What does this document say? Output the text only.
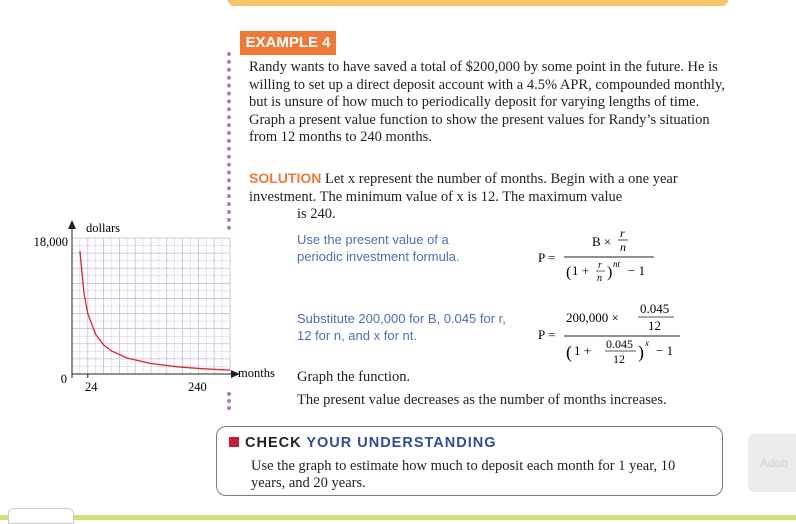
EXAMPLE 4
Randy wants to have saved a total of $200,000 by some point in the future. He is willing to set up a direct deposit account with a 4.5% APR, compounded monthly, but is unsure of how much to periodically deposit for varying lengths of time. Graph a present value function to show the present values for Randy’s situation from 12 months to 240 months.
SOLUTION Let x represent the number of months. Begin with a one year investment. The minimum value of x is 12. The maximum value
is 240.
Use the present value of a periodic investment formula.
Substitute 200,000 for B, 0.045 for r, 12 for n, and x for nt.
P =
B ×
r
n
( 1 + r
n ) nt − 1
P =
200,000 ×
0.045
12
( 1 + 0.045
12 ) x − 1
dollars
months
18,000
0
24	240
Graph the function.
The present value decreases as the number of months increases.
CHECK YOUR UNDERSTANDING
Use the graph to estimate how much to deposit each month for 1 year, 10 years, and 20 years.
Adob
